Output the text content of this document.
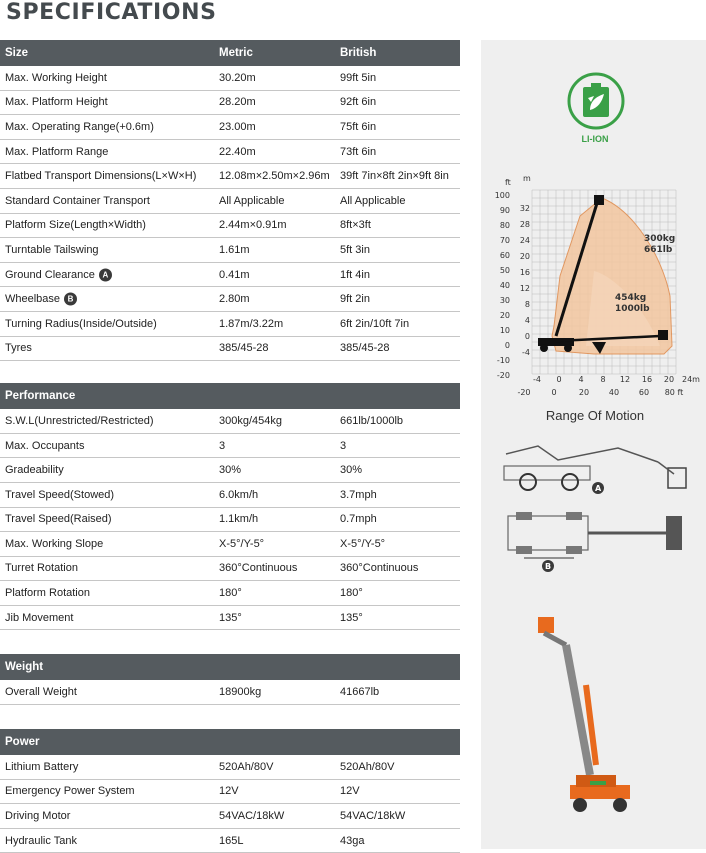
SPECIFICATIONS
Size	Metric	British
Max. Working Height	30.20m	99ft 5in
Max. Platform Height	28.20m	92ft 6in
Max. Operating Range(+0.6m)	23.00m	75ft 6in
Max. Platform Range	22.40m	73ft 6in
Flatbed Transport Dimensions(L×W×H) 12.08m×2.50m×2.96m 39ft 7in×8ft 2in×9ft 8in
Standard Container Transport	All Applicable	All Applicable
Platform Size(Length×Width)	2.44m×0.91m	8ft×3ft
Turntable Tailswing	1.61m	5ft 3in
Ground Clearance A	0.41m	1ft 4in
Wheelbase B	2.80m	9ft 2in
Turning Radius(Inside/Outside)	1.87m/3.22m	6ft 2in/10ft 7in
Tyres	385/45-28	385/45-28
Performance
S.W.L(Unrestricted/Restricted)	300kg/454kg	661lb/1000lb
Max. Occupants	3	3
Gradeability	30%	30%
Travel Speed(Stowed)	6.0km/h	3.7mph
Travel Speed(Raised)	1.1km/h	0.7mph
Max. Working Slope	X-5°/Y-5°	X-5°/Y-5°
Turret Rotation	360°Continuous	360°Continuous
Platform Rotation	180°	180°
Jib Movement	135°	135°
Weight
Overall Weight	18900kg	41667lb
Power
Lithium Battery	520Ah/80V	520Ah/80V
Emergency Power System	12V	12V
Driving Motor	54VAC/18kW	54VAC/18kW
Hydraulic Tank	165L	43ga
LI-ION
100
90
80
70
60
50
40
30
20
10
0
-10
-20
32
28
24
20
16
12
8
4
0
-4
-4 0 4 8 12 16 20 24m
-20	0	20 40 60 80 ft
300kg
661lb
454kg
1000lb
ft m
Range Of Motion
A
B
